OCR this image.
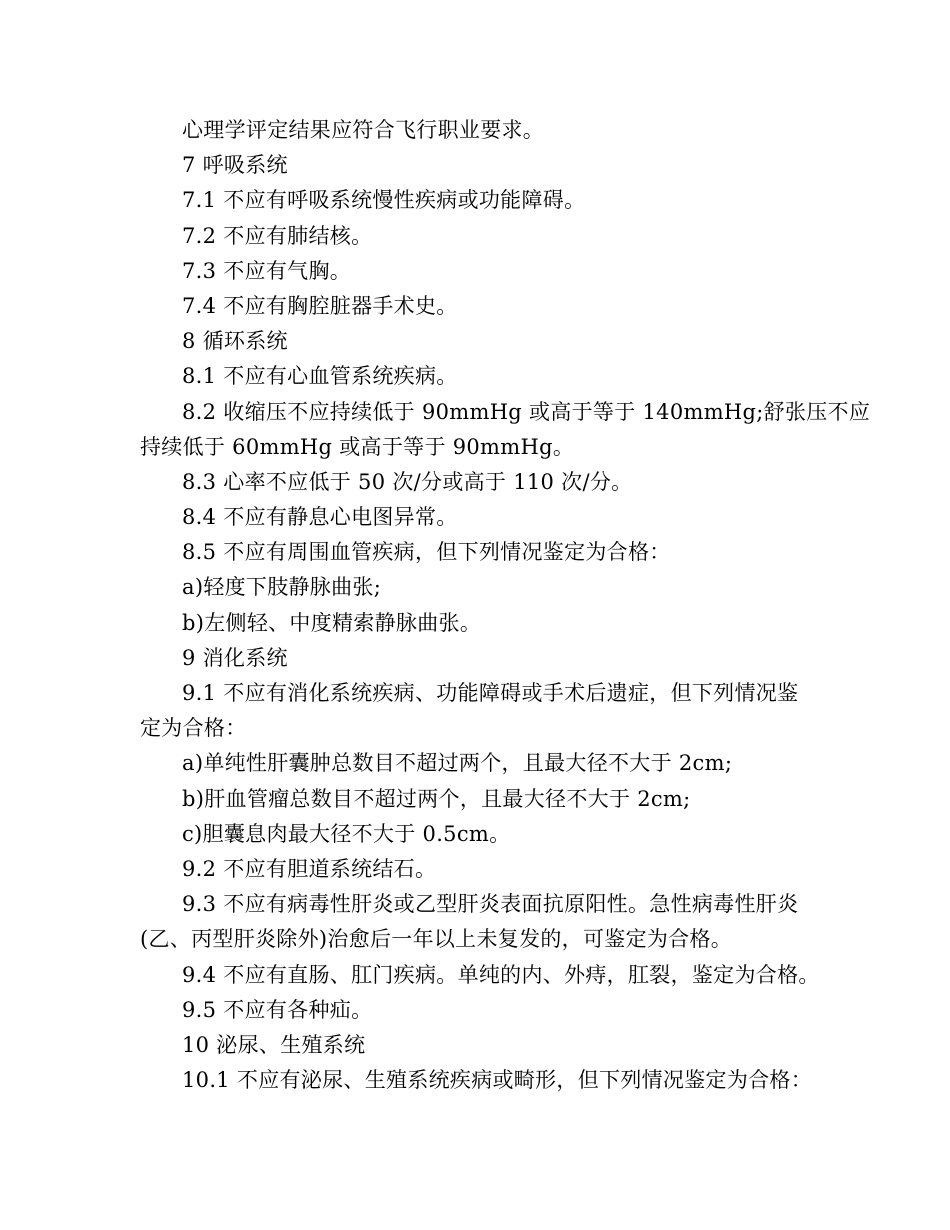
心理学评定结果应符合飞行职业要求。
7 呼吸系统
7.1 不应有呼吸系统慢性疾病或功能障碍。
7.2 不应有肺结核。
7.3 不应有气胸。
7.4 不应有胸腔脏器手术史。
8 循环系统
8.1 不应有心血管系统疾病。
8.2 收缩压不应持续低于 90mmHg 或高于等于 140mmHg;舒张压不应
持续低于 60mmHg 或高于等于 90mmHg。
8.3 心率不应低于 50 次/分或高于 110 次/分。
8.4 不应有静息心电图异常。
8.5 不应有周围血管疾病，但下列情况鉴定为合格：
a)轻度下肢静脉曲张;
b)左侧轻、中度精索静脉曲张。
9 消化系统
9.1 不应有消化系统疾病、功能障碍或手术后遗症，但下列情况鉴
定为合格：
a)单纯性肝囊肿总数目不超过两个，且最大径不大于 2cm;
b)肝血管瘤总数目不超过两个，且最大径不大于 2cm;
c)胆囊息肉最大径不大于 0.5cm。
9.2 不应有胆道系统结石。
9.3 不应有病毒性肝炎或乙型肝炎表面抗原阳性。急性病毒性肝炎
(乙、丙型肝炎除外)治愈后一年以上未复发的，可鉴定为合格。
9.4 不应有直肠、肛门疾病。单纯的内、外痔，肛裂，鉴定为合格。
9.5 不应有各种疝。
10 泌尿、生殖系统
10.1 不应有泌尿、生殖系统疾病或畸形，但下列情况鉴定为合格：
